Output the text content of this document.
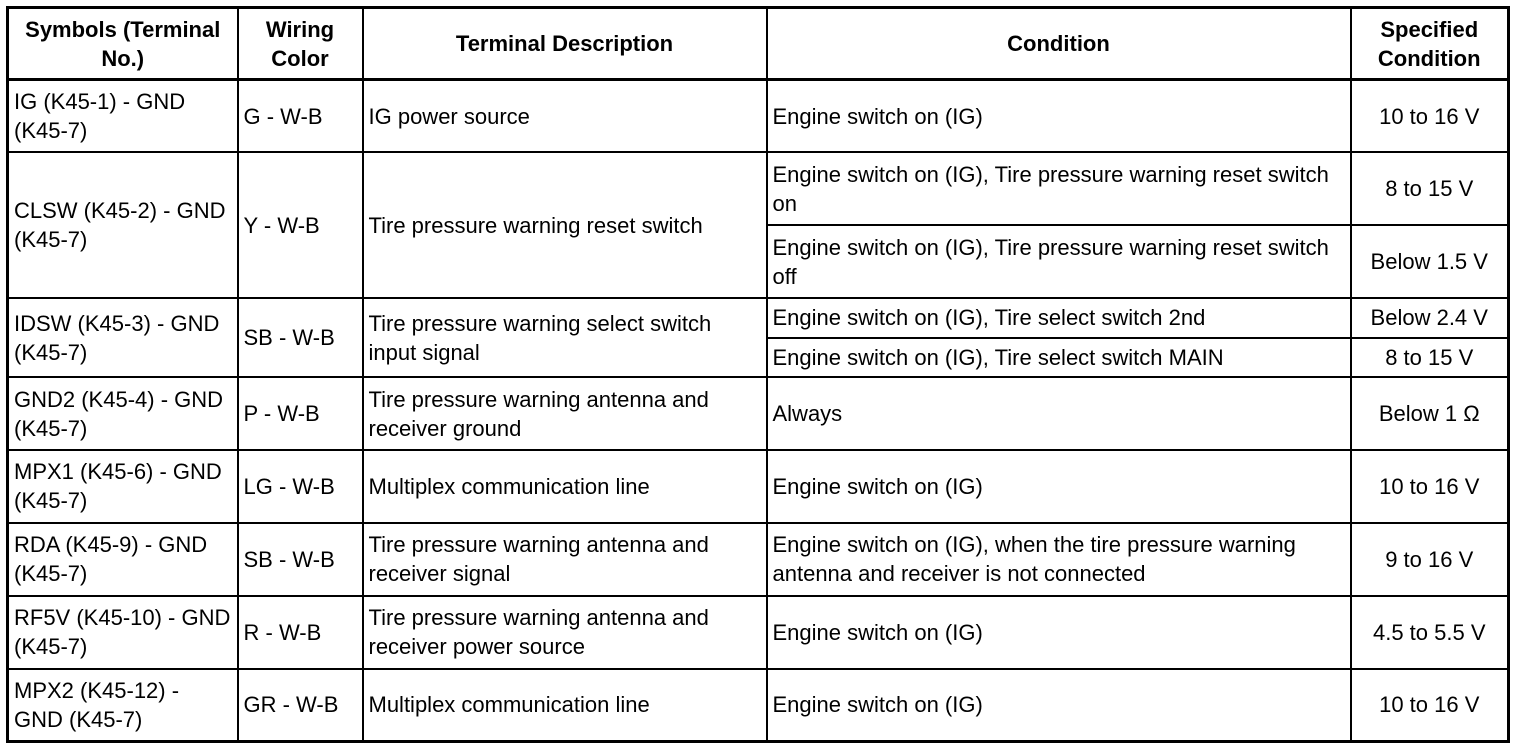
Symbols (Terminal No.)	Wiring Color	Terminal Description	Condition	Specified Condition
IG (K45-1) - GND (K45-7)	G - W-B	IG power source	Engine switch on (IG)	10 to 16 V
CLSW (K45-2) - GND (K45-7)	Y - W-B	Tire pressure warning reset switch	Engine switch on (IG), Tire pressure warning reset switch on	8 to 15 V
			Engine switch on (IG), Tire pressure warning reset switch off	Below 1.5 V
IDSW (K45-3) - GND (K45-7)	SB - W-B	Tire pressure warning select switch input signal	Engine switch on (IG), Tire select switch 2nd	Below 2.4 V
			Engine switch on (IG), Tire select switch MAIN	8 to 15 V
GND2 (K45-4) - GND (K45-7)	P - W-B	Tire pressure warning antenna and receiver ground	Always	Below 1 Ω
MPX1 (K45-6) - GND (K45-7)	LG - W-B	Multiplex communication line	Engine switch on (IG)	10 to 16 V
RDA (K45-9) - GND (K45-7)	SB - W-B	Tire pressure warning antenna and receiver signal	Engine switch on (IG), when the tire pressure warning antenna and receiver is not connected	9 to 16 V
RF5V (K45-10) - GND (K45-7)	R - W-B	Tire pressure warning antenna and receiver power source	Engine switch on (IG)	4.5 to 5.5 V
MPX2 (K45-12) - GND (K45-7)	GR - W-B	Multiplex communication line	Engine switch on (IG)	10 to 16 V
